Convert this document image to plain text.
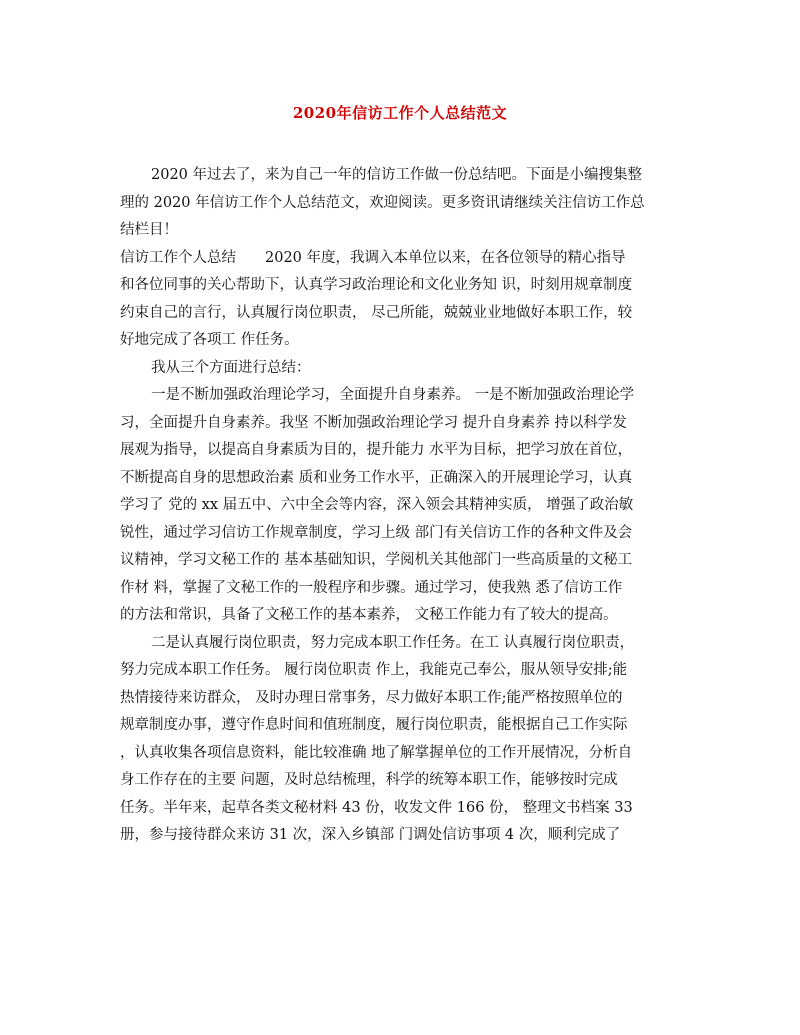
2020年信访工作个人总结范文
2020 年过去了，来为自己一年的信访工作做一份总结吧。下面是小编搜集整
理的 2020 年信访工作个人总结范文，欢迎阅读。更多资讯请继续关注信访工作总
结栏目！
信访工作个人总结　　2020 年度，我调入本单位以来，在各位领导的精心指导
和各位同事的关心帮助下，认真学习政治理论和文化业务知 识，时刻用规章制度
约束自己的言行，认真履行岗位职责， 尽己所能，兢兢业业地做好本职工作，较
好地完成了各项工 作任务。
我从三个方面进行总结：
一是不断加强政治理论学习，全面提升自身素养。 一是不断加强政治理论学
习，全面提升自身素养。我坚 不断加强政治理论学习 提升自身素养 持以科学发
展观为指导，以提高自身素质为目的，提升能力 水平为目标，把学习放在首位，
不断提高自身的思想政治素 质和业务工作水平，正确深入的开展理论学习，认真
学习了 党的 xx 届五中、六中全会等内容，深入领会其精神实质， 增强了政治敏
锐性，通过学习信访工作规章制度，学习上级 部门有关信访工作的各种文件及会
议精神，学习文秘工作的 基本基础知识，学阅机关其他部门一些高质量的文秘工
作材 料，掌握了文秘工作的一般程序和步骤。通过学习，使我熟 悉了信访工作
的方法和常识，具备了文秘工作的基本素养， 文秘工作能力有了较大的提高。
二是认真履行岗位职责，努力完成本职工作任务。在工 认真履行岗位职责，
努力完成本职工作任务。 履行岗位职责 作上，我能克己奉公，服从领导安排;能
热情接待来访群众， 及时办理日常事务，尽力做好本职工作;能严格按照单位的
规章制度办事，遵守作息时间和值班制度，履行岗位职责，能根据自己工作实际
，认真收集各项信息资料，能比较准确 地了解掌握单位的工作开展情况，分析自
身工作存在的主要 问题，及时总结梳理，科学的统筹本职工作，能够按时完成
任务。半年来，起草各类文秘材料 43 份，收发文件 166 份， 整理文书档案 33
册，参与接待群众来访 31 次，深入乡镇部 门调处信访事项 4 次，顺利完成了
